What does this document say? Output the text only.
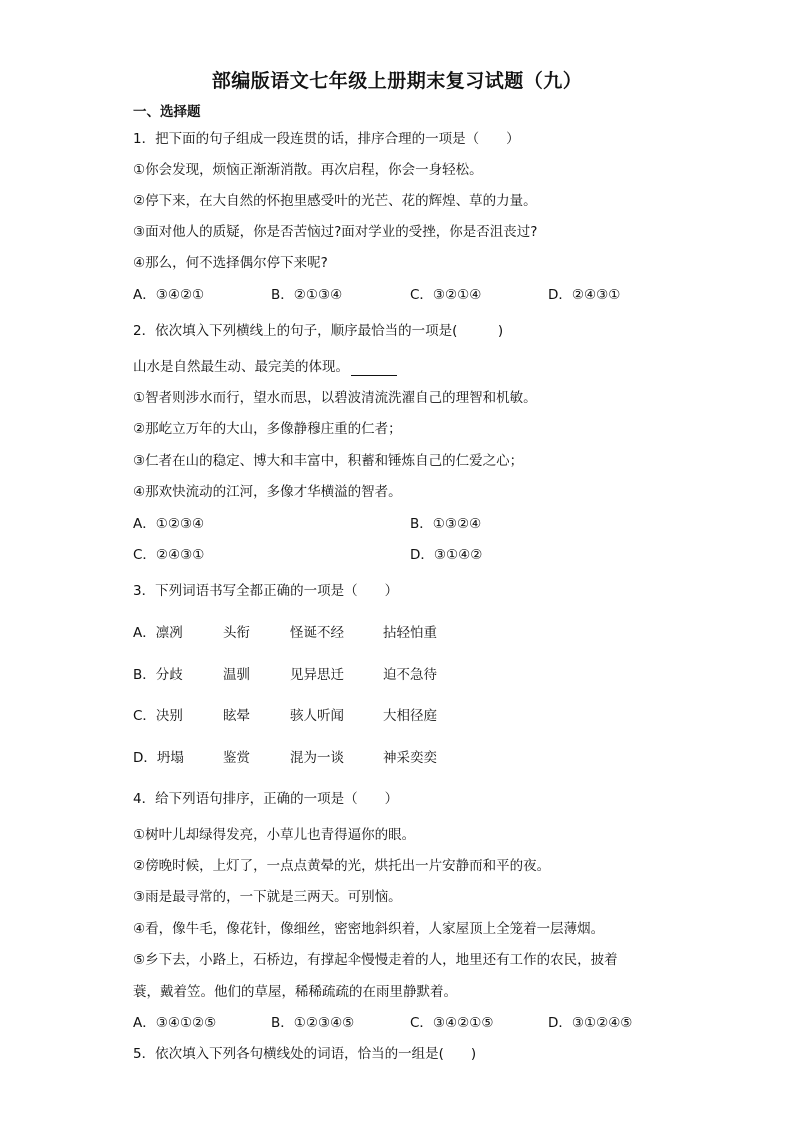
部编版语文七年级上册期末复习试题（九）
一、选择题
1．把下面的句子组成一段连贯的话，排序合理的一项是（　　）
①你会发现，烦恼正渐渐消散。再次启程，你会一身轻松。
②停下来，在大自然的怀抱里感受叶的光芒、花的辉煌、草的力量。
③面对他人的质疑，你是否苦恼过?面对学业的受挫，你是否沮丧过?
④那么，何不选择偶尔停下来呢?
A．③④②①	B．②①③④	C．③②①④	D．②④③①
2．依次填入下列横线上的句子，顺序最恰当的一项是(　　　)
山水是自然最生动、最完美的体现。
①智者则涉水而行，望水而思，以碧波清流洗濯自己的理智和机敏。
②那屹立万年的大山，多像静穆庄重的仁者；
③仁者在山的稳定、博大和丰富中，积蓄和锤炼自己的仁爱之心；
④那欢快流动的江河，多像才华横溢的智者。
A．①②③④	B．①③②④
C．②④③①	D．③①④②
3．下列词语书写全都正确的一项是（　　）
A．凛冽	头衔	怪诞不经	拈轻怕重
B．分歧	温驯	见异思迁	迫不急待
C．决别	眩晕	骇人听闻	大相径庭
D．坍塌	鉴赏	混为一谈	神采奕奕
4．给下列语句排序，正确的一项是（　　）
①树叶儿却绿得发亮，小草儿也青得逼你的眼。
②傍晚时候，上灯了，一点点黄晕的光，烘托出一片安静而和平的夜。
③雨是最寻常的，一下就是三两天。可别恼。
④看，像牛毛，像花针，像细丝，密密地斜织着，人家屋顶上全笼着一层薄烟。
⑤乡下去，小路上，石桥边，有撑起伞慢慢走着的人，地里还有工作的农民，披着
蓑，戴着笠。他们的草屋，稀稀疏疏的在雨里静默着。
A．③④①②⑤	B．①②③④⑤	C．③④②①⑤	D．③①②④⑤
5．依次填入下列各句横线处的词语，恰当的一组是(　　)
